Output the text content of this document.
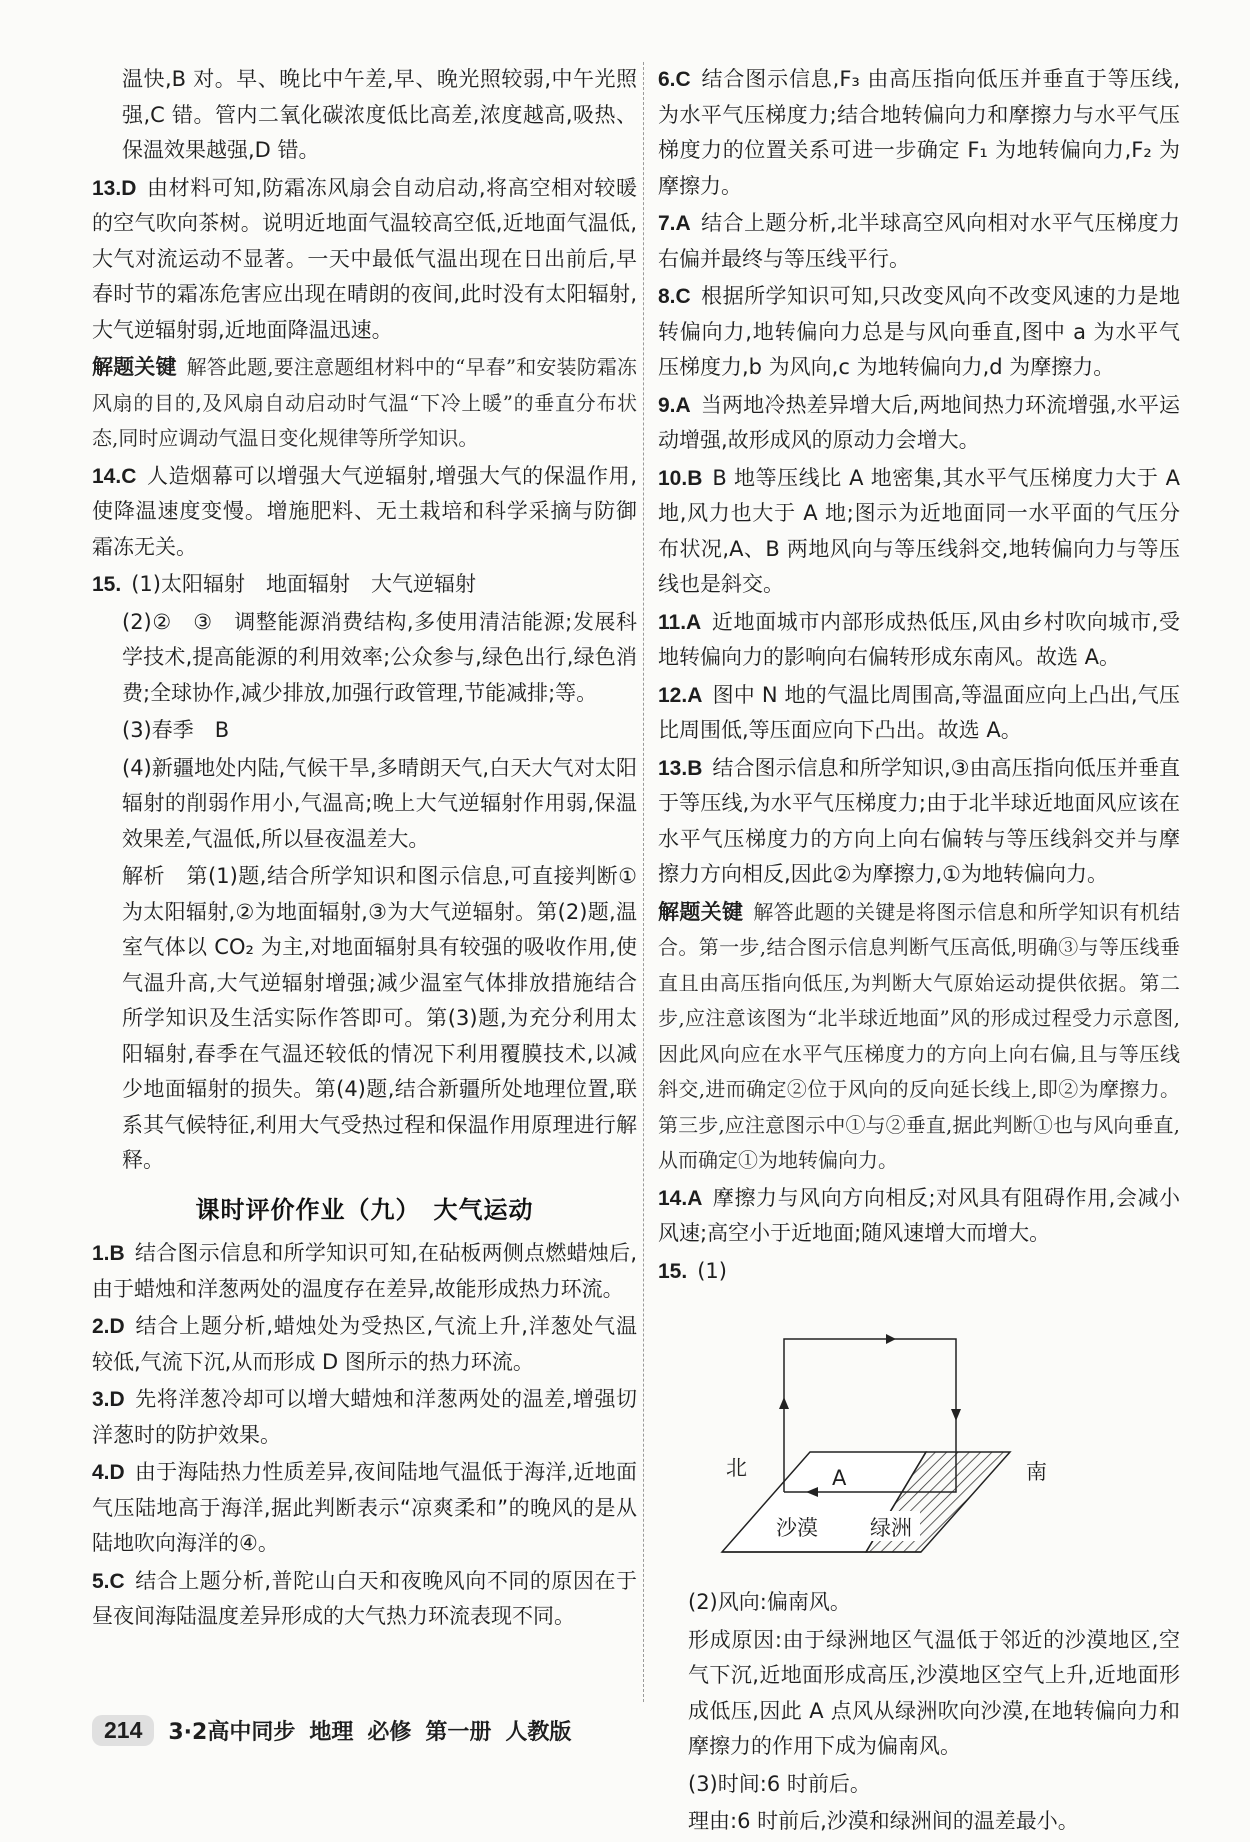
温快,B 对。早、晚比中午差,早、晚光照较弱,中午光照强,C 错。管内二氧化碳浓度低比高差,浓度越高,吸热、保温效果越强,D 错。

13.D 由材料可知,防霜冻风扇会自动启动,将高空相对较暖的空气吹向茶树。说明近地面气温较高空低,近地面气温低,大气对流运动不显著。一天中最低气温出现在日出前后,早春时节的霜冻危害应出现在晴朗的夜间,此时没有太阳辐射,大气逆辐射弱,近地面降温迅速。

解题关键 解答此题,要注意题组材料中的“早春”和安装防霜冻风扇的目的,及风扇自动启动时气温“下冷上暖”的垂直分布状态,同时应调动气温日变化规律等所学知识。

14.C 人造烟幕可以增强大气逆辐射,增强大气的保温作用,使降温速度变慢。增施肥料、无土栽培和科学采摘与防御霜冻无关。

15. (1)太阳辐射　地面辐射　大气逆辐射

(2)②　③　调整能源消费结构,多使用清洁能源;发展科学技术,提高能源的利用效率;公众参与,绿色出行,绿色消费;全球协作,减少排放,加强行政管理,节能减排;等。

(3)春季　B

(4)新疆地处内陆,气候干旱,多晴朗天气,白天大气对太阳辐射的削弱作用小,气温高;晚上大气逆辐射作用弱,保温效果差,气温低,所以昼夜温差大。

解析　第(1)题,结合所学知识和图示信息,可直接判断①为太阳辐射,②为地面辐射,③为大气逆辐射。第(2)题,温室气体以 CO₂ 为主,对地面辐射具有较强的吸收作用,使气温升高,大气逆辐射增强;减少温室气体排放措施结合所学知识及生活实际作答即可。第(3)题,为充分利用太阳辐射,春季在气温还较低的情况下利用覆膜技术,以减少地面辐射的损失。第(4)题,结合新疆所处地理位置,联系其气候特征,利用大气受热过程和保温作用原理进行解释。

课时评价作业（九）　大气运动

1.B 结合图示信息和所学知识可知,在砧板两侧点燃蜡烛后,由于蜡烛和洋葱两处的温度存在差异,故能形成热力环流。

2.D 结合上题分析,蜡烛处为受热区,气流上升,洋葱处气温较低,气流下沉,从而形成 D 图所示的热力环流。

3.D 先将洋葱冷却可以增大蜡烛和洋葱两处的温差,增强切洋葱时的防护效果。

4.D 由于海陆热力性质差异,夜间陆地气温低于海洋,近地面气压陆地高于海洋,据此判断表示“凉爽柔和”的晚风的是从陆地吹向海洋的④。

5.C 结合上题分析,普陀山白天和夜晚风向不同的原因在于昼夜间海陆温度差异形成的大气热力环流表现不同。

6.C 结合图示信息,F₃ 由高压指向低压并垂直于等压线,为水平气压梯度力;结合地转偏向力和摩擦力与水平气压梯度力的位置关系可进一步确定 F₁ 为地转偏向力,F₂ 为摩擦力。

7.A 结合上题分析,北半球高空风向相对水平气压梯度力右偏并最终与等压线平行。

8.C 根据所学知识可知,只改变风向不改变风速的力是地转偏向力,地转偏向力总是与风向垂直,图中 a 为水平气压梯度力,b 为风向,c 为地转偏向力,d 为摩擦力。

9.A 当两地冷热差异增大后,两地间热力环流增强,水平运动增强,故形成风的原动力会增大。

10.B B 地等压线比 A 地密集,其水平气压梯度力大于 A 地,风力也大于 A 地;图示为近地面同一水平面的气压分布状况,A、B 两地风向与等压线斜交,地转偏向力与等压线也是斜交。

11.A 近地面城市内部形成热低压,风由乡村吹向城市,受地转偏向力的影响向右偏转形成东南风。故选 A。

12.A 图中 N 地的气温比周围高,等温面应向上凸出,气压比周围低,等压面应向下凸出。故选 A。

13.B 结合图示信息和所学知识,③由高压指向低压并垂直于等压线,为水平气压梯度力;由于北半球近地面风应该在水平气压梯度力的方向上向右偏转与等压线斜交并与摩擦力方向相反,因此②为摩擦力,①为地转偏向力。

解题关键 解答此题的关键是将图示信息和所学知识有机结合。第一步,结合图示信息判断气压高低,明确③与等压线垂直且由高压指向低压,为判断大气原始运动提供依据。第二步,应注意该图为“北半球近地面”风的形成过程受力示意图,因此风向应在水平气压梯度力的方向上向右偏,且与等压线斜交,进而确定②位于风向的反向延长线上,即②为摩擦力。第三步,应注意图示中①与②垂直,据此判断①也与风向垂直,从而确定①为地转偏向力。

14.A 摩擦力与风向方向相反;对风具有阻碍作用,会减小风速;高空小于近地面;随风速增大而增大。

15. (1)

北	南
沙漠 绿洲
A

(2)风向:偏南风。

形成原因:由于绿洲地区气温低于邻近的沙漠地区,空气下沉,近地面形成高压,沙漠地区空气上升,近地面形成低压,因此 A 点风从绿洲吹向沙漠,在地转偏向力和摩擦力的作用下成为偏南风。

(3)时间:6 时前后。

理由:6 时前后,沙漠和绿洲间的温差最小。

214	3·2高中同步 地理 必修 第一册 人教版
